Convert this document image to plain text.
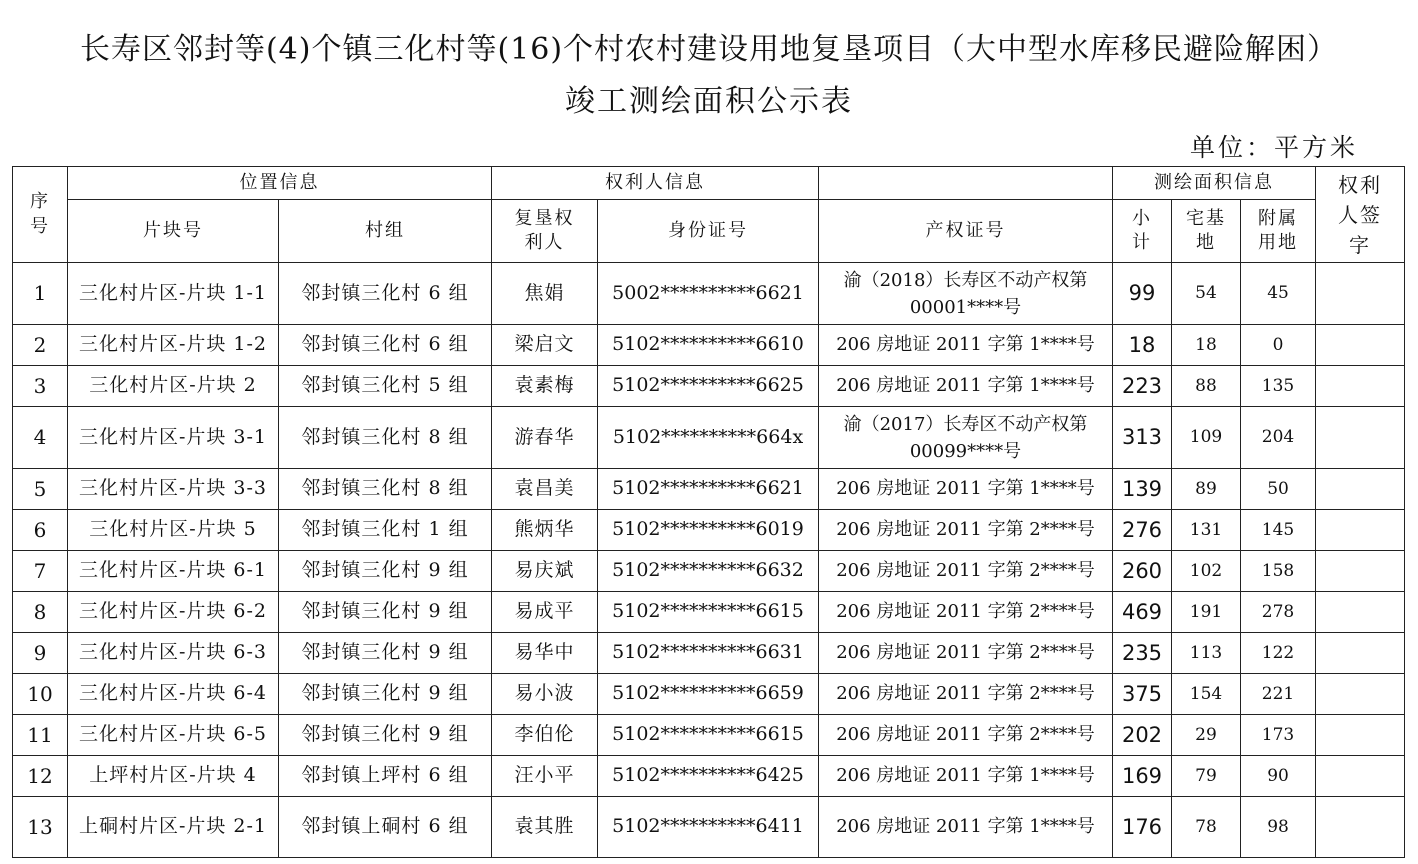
长寿区邻封等(4)个镇三化村等(16)个村农村建设用地复垦项目（大中型水库移民避险解困）
竣工测绘面积公示表
单位：平方米
序号	位置信息		权利人信息			测绘面积信息			权利人签字
	片块号	村组	复垦权利人	身份证号	产权证号	小计	宅基地	附属用地	
1	三化村片区-片块 1-1	邻封镇三化村 6 组	焦娟	5002**********6621	渝（2018）长寿区不动产权第00001****号	99	54	45	
2	三化村片区-片块 1-2	邻封镇三化村 6 组	梁启文	5102**********6610	206 房地证 2011 字第 1****号	18	18	0	
3	三化村片区-片块 2	邻封镇三化村 5 组	袁素梅	5102**********6625	206 房地证 2011 字第 1****号	223	88	135	
4	三化村片区-片块 3-1	邻封镇三化村 8 组	游春华	5102**********664x	渝（2017）长寿区不动产权第00099****号	313	109	204	
5	三化村片区-片块 3-3	邻封镇三化村 8 组	袁昌美	5102**********6621	206 房地证 2011 字第 1****号	139	89	50	
6	三化村片区-片块 5	邻封镇三化村 1 组	熊炳华	5102**********6019	206 房地证 2011 字第 2****号	276	131	145	
7	三化村片区-片块 6-1	邻封镇三化村 9 组	易庆斌	5102**********6632	206 房地证 2011 字第 2****号	260	102	158	
8	三化村片区-片块 6-2	邻封镇三化村 9 组	易成平	5102**********6615	206 房地证 2011 字第 2****号	469	191	278	
9	三化村片区-片块 6-3	邻封镇三化村 9 组	易华中	5102**********6631	206 房地证 2011 字第 2****号	235	113	122	
10	三化村片区-片块 6-4	邻封镇三化村 9 组	易小波	5102**********6659	206 房地证 2011 字第 2****号	375	154	221	
11	三化村片区-片块 6-5	邻封镇三化村 9 组	李伯伦	5102**********6615	206 房地证 2011 字第 2****号	202	29	173	
12	上坪村片区-片块 4	邻封镇上坪村 6 组	汪小平	5102**********6425	206 房地证 2011 字第 1****号	169	79	90	
13	上硐村片区-片块 2-1	邻封镇上硐村 6 组	袁其胜	5102**********6411	206 房地证 2011 字第 1****号	176	78	98	
